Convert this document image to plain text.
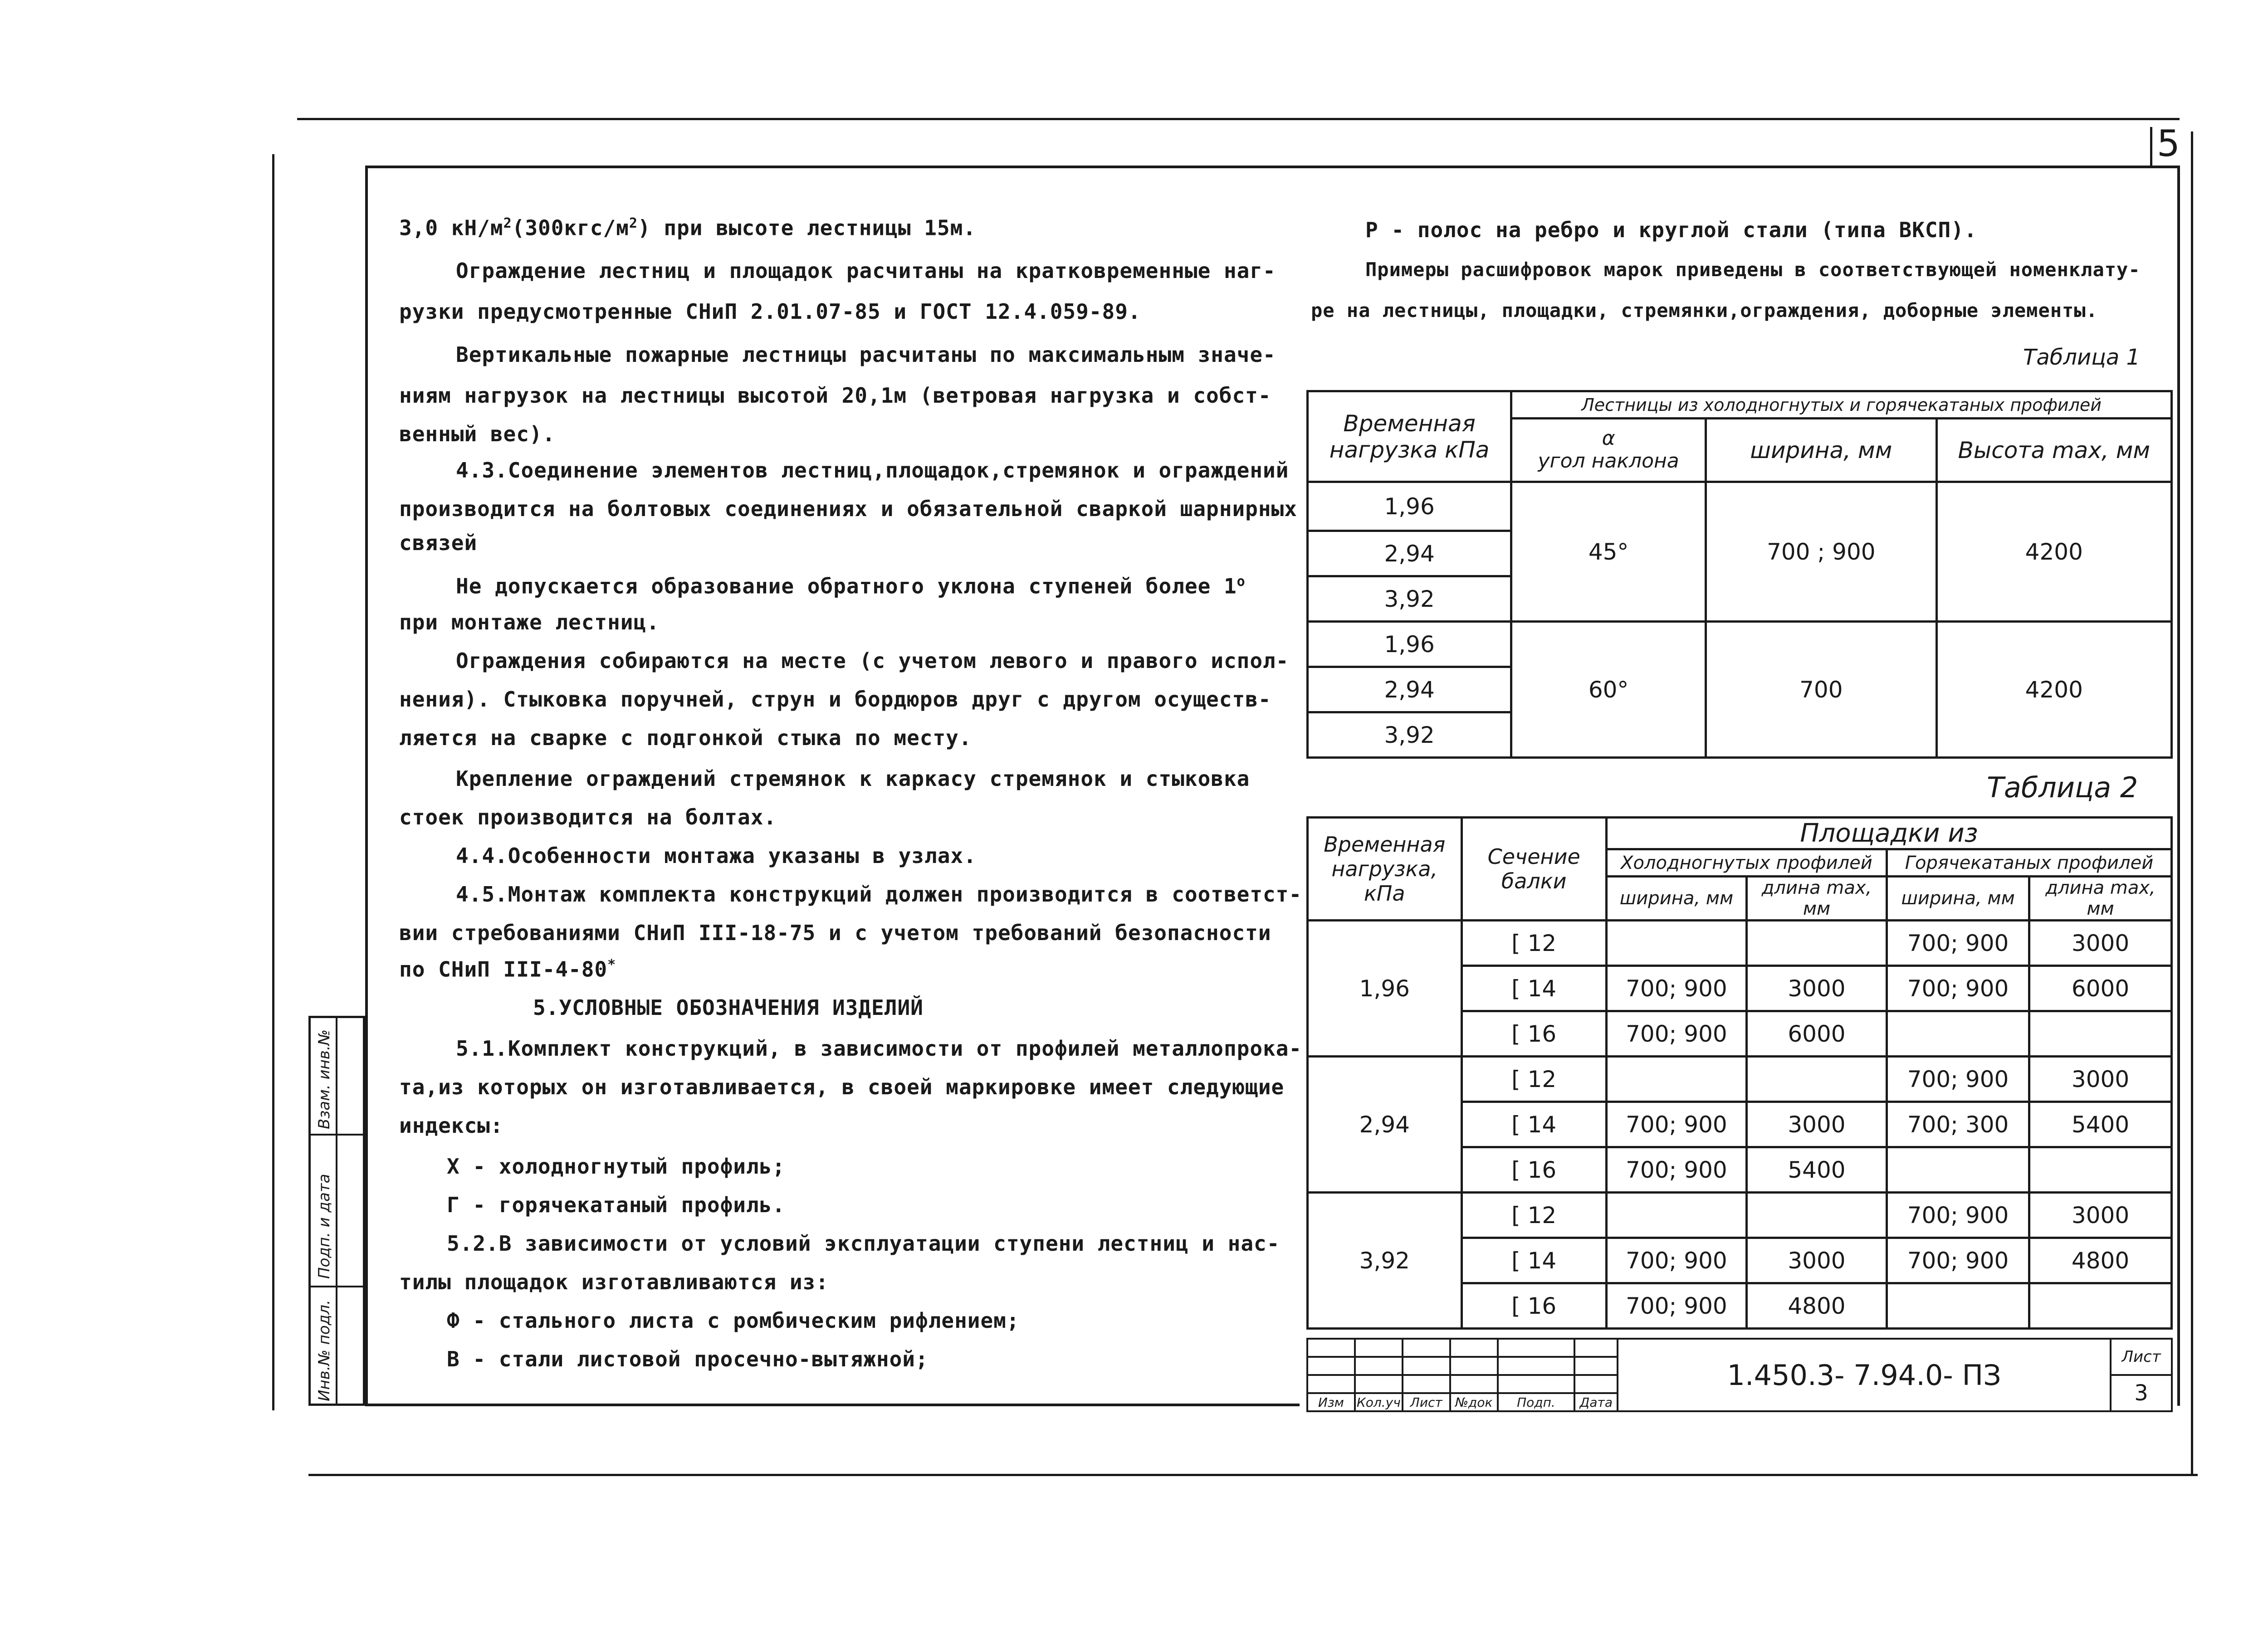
5
3,0 $кН/м^2(300кгс/м^2)$ при высоте лестницы 15м.
Ограждение лестниц и площадок расчитаны на кратковременные наг-
рузки предусмотренные СНиП 2.01.07-85 и ГОСТ 12.4.059-89.
Вертикальные пожарные лестницы расчитаны по максимальным значе-
ниям нагрузок на лестницы высотой 20,1м (ветровая нагрузка и собст-
венный вес).
4.3.Соединение элементов лестниц,площадок,стремянок и ограждений
производится на болтовых соединениях и обязательной сваркой шарнирных
связей
Не допускается образование обратного уклона ступеней более $1^о$
при монтаже лестниц.
Ограждения собираются на месте (с учетом левого и правого испол-
нения). Стыковка поручней, струн и бордюров друг с другом осуществ-
ляется на сварке с подгонкой стыка по месту.
Крепление ограждений стремянок к каркасу стремянок и стыковка
стоек производится на болтах.
4.4.Особенности монтажа указаны в узлах.
4.5.Монтаж комплекта конструкций должен производится в соответст-
вии стребованиями СНиП III-18-75 и с учетом требований безопасности
по СНиП III-4-80*
5.УСЛОВНЫЕ ОБОЗНАЧЕНИЯ ИЗДЕЛИЙ
5.1.Комплект конструкций, в зависимости от профилей металлопрока-
та,из которых он изготавливается, в своей маркировке имеет следующие
индексы:
Х - холодногнутый профиль;
Г - горячекатаный профиль.
5.2.В зависимости от условий эксплуатации ступени лестниц и нас-
тилы площадок изготавливаются из:
Ф - стального листа с ромбическим рифлением;
В - стали листовой просечно-вытяжной;
Р - полос на ребро и круглой стали (типа ВКСП).
Примеры расшифровок марок приведены в соответствующей номенклату-
ре на лестницы, площадки, стремянки,ограждения, доборные элементы.
Таблица 1
Временная нагрузка кПа	Лестницы из холодногнутых и горячекатаных профилей		

	α
угол наклона	ширина, мм	Высота max, мм
1,96	45°	700 ; 900	4200
2,94			
3,92			
1,96	60°	700	4200
2,94			
3,92			
Таблица 2
Временная нагрузка, кПа	Сечение балки	Площадки из			
		Холодногнутых профилей		Горячекатаных профилей	
		ширина, мм	длина max, мм	ширина, мм	длина max, мм
1,96	[ 12			700; 900	3000
	[ 14	700; 900	3000	700; 900	6000
	[ 16	700; 900	6000		
2,94	[ 12			700; 900	3000
	[ 14	700; 900	3000	700; 300	5400
	[ 16	700; 900	5400		
3,92	[ 12			700; 900	3000
	[ 14	700; 900	3000	700; 900	4800
	[ 16	700; 900	4800		
						1.450.3- 7.94.0- ПЗ	Лист

							3
Изм	Кол.уч	Лист	№док	Подп.	Дата		
Инв.№ подл.
Подп. и дата
Взам. инв.№
